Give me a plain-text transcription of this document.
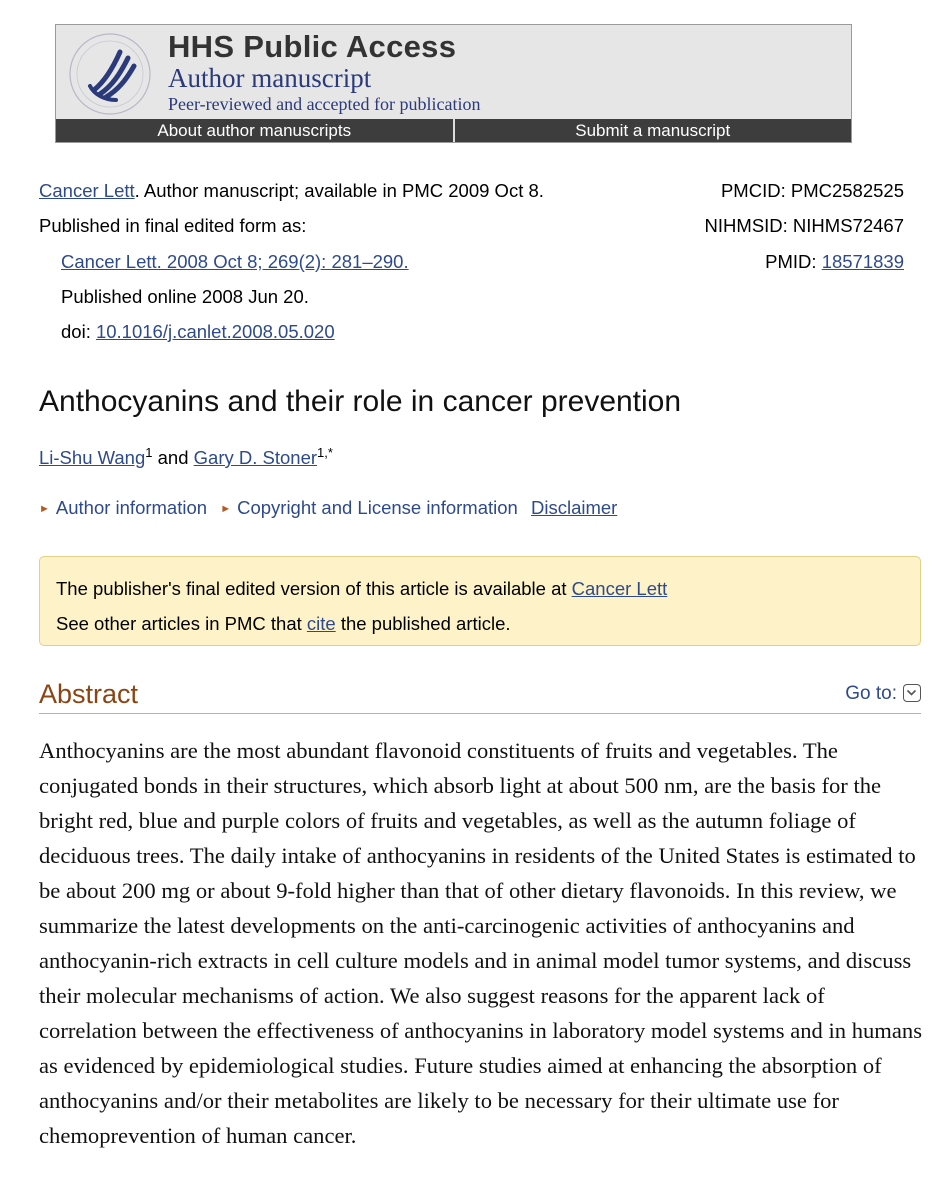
HHS Public Access
Author manuscript
Peer-reviewed and accepted for publication
About author manuscripts	Submit a manuscript
Cancer Lett. Author manuscript; available in PMC 2009 Oct 8.
Published in final edited form as:
Cancer Lett. 2008 Oct 8; 269(2): 281–290.
Published online 2008 Jun 20.
doi: 10.1016/j.canlet.2008.05.020
PMCID: PMC2582525
NIHMSID: NIHMS72467
PMID: 18571839
Anthocyanins and their role in cancer prevention
Li-Shu Wang$^1$ and Gary D. Stoner$^{1,*}$
► Author information ► Copyright and License information Disclaimer
The publisher's final edited version of this article is available at Cancer Lett
See other articles in PMC that cite the published article.
Abstract	Go to:

Anthocyanins are the most abundant flavonoid constituents of fruits and vegetables. The conjugated bonds in their structures, which absorb light at about 500 nm, are the basis for the bright red, blue and purple colors of fruits and vegetables, as well as the autumn foliage of deciduous trees. The daily intake of anthocyanins in residents of the United States is estimated to be about 200 mg or about 9-fold higher than that of other dietary flavonoids. In this review, we summarize the latest developments on the anti-carcinogenic activities of anthocyanins and anthocyanin-rich extracts in cell culture models and in animal model tumor systems, and discuss their molecular mechanisms of action. We also suggest reasons for the apparent lack of correlation between the effectiveness of anthocyanins in laboratory model systems and in humans as evidenced by epidemiological studies. Future studies aimed at enhancing the absorption of anthocyanins and/or their metabolites are likely to be necessary for their ultimate use for chemoprevention of human cancer.
